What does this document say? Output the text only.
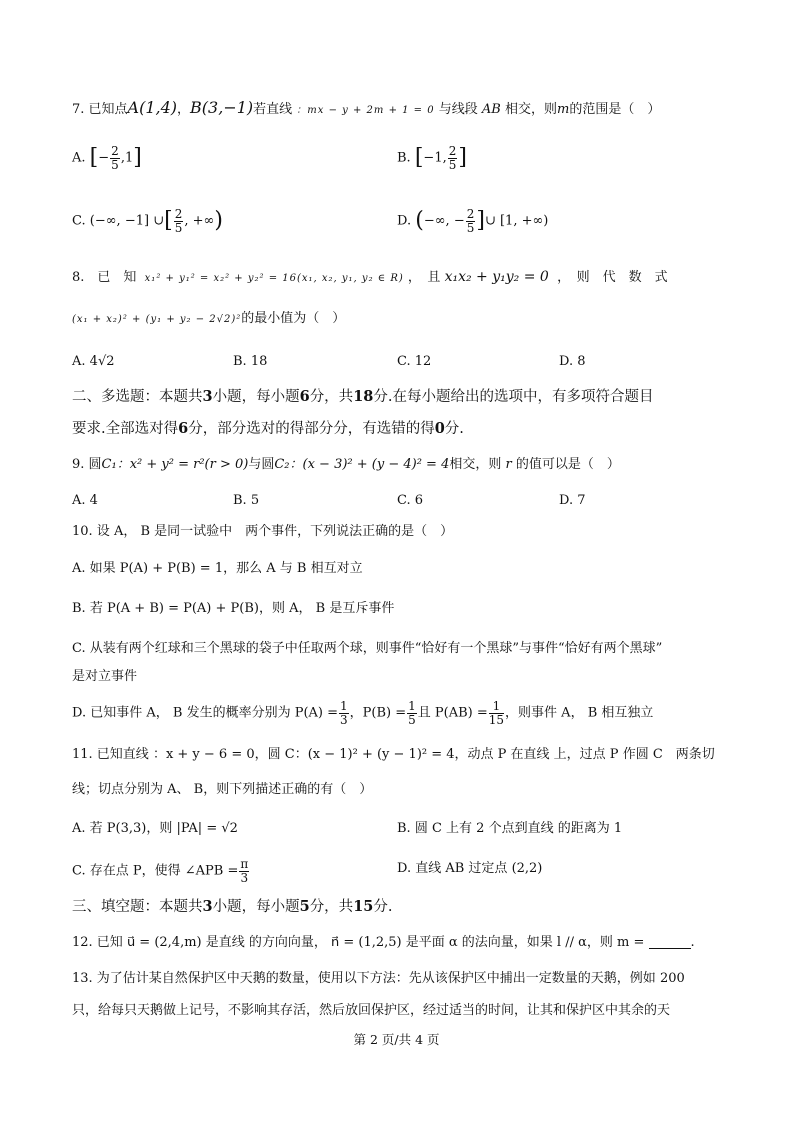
7. 已知点A(1,4)，B(3,−1)若直线 ：mx − y + 2m + 1 = 0 与线段 AB 相交，则m的范围是（　）
A. [− $\frac{2}{5} ,1$]	B. [−1, $\frac{2}{5}$ ]
C. (−∞, −1] ∪[ $\frac{2}{5}$ , +∞)	D. (−∞, − $\frac{2}{5}$ ]∪ [1, +∞)
8.　已　知 x₁² + y₁² = x₂² + y₂² = 16(x₁, x₂, y₁, y₂ ∈ R) ，　且 x₁x₂ + y₁y₂ = 0 ，　则　代　数　式
(x₁ + x₂)² + (y₁ + y₂ − 2√2)²的最小值为（　）
A. 4√2	B. 18	C. 12	D. 8
二、多选题：本题共3小题，每小题6分，共18分.在每小题给出的选项中，有多项符合题目
要求.全部选对得6分，部分选对的得部分分，有选错的得0分.
9. 圆C₁：x² + y² = r²(r > 0)与圆C₂：(x − 3)² + (y − 4)² = 4相交，则 r 的值可以是（　）
A. 4	B. 5	C. 6	D. 7
10. 设 A， B 是同一试验中　两个事件，下列说法正确的是（　）
A. 如果 P(A) + P(B) = 1，那么 A 与 B 相互对立
B. 若 P(A + B) = P(A) + P(B)，则 A， B 是互斥事件
C. 从装有两个红球和三个黑球的袋子中任取两个球，则事件“恰好有一个黑球”与事件“恰好有两个黑球”
是对立事件
D. 已知事件 A， B 发生的概率分别为 $P(A) = \frac{1}{3}$ ，$P(B) = \frac{1}{5}$ 且 $P(AB) = \frac{1}{15}$ ，则事件 A， B 相互独立
11. 已知直线 ：x + y − 6 = 0，圆 C：(x − 1)² + (y − 1)² = 4，动点 P 在直线 上，过点 P 作圆 C　两条切
线；切点分别为 A、 B，则下列描述正确的有（　）
A. 若 P(3,3)，则 |PA| = √2	B. 圆 C 上有 2 个点到直线 的距离为 1
C. 存在点 P，使得 ∠APB = $\frac{\pi}{3}$	D. 直线 AB 过定点 (2,2)
三、填空题：本题共3小题，每小题5分，共15分.
12. 已知 u⃗ = (2,4,m) 是直线 的方向向量， n⃗ = (1,2,5) 是平面 α 的法向量，如果 l // α，则 m =	.
13. 为了估计某自然保护区中天鹅的数量，使用以下方法：先从该保护区中捕出一定数量的天鹅，例如 200
只，给每只天鹅做上记号，不影响其存活，然后放回保护区，经过适当的时间，让其和保护区中其余的天
第 2 页/共 4 页
